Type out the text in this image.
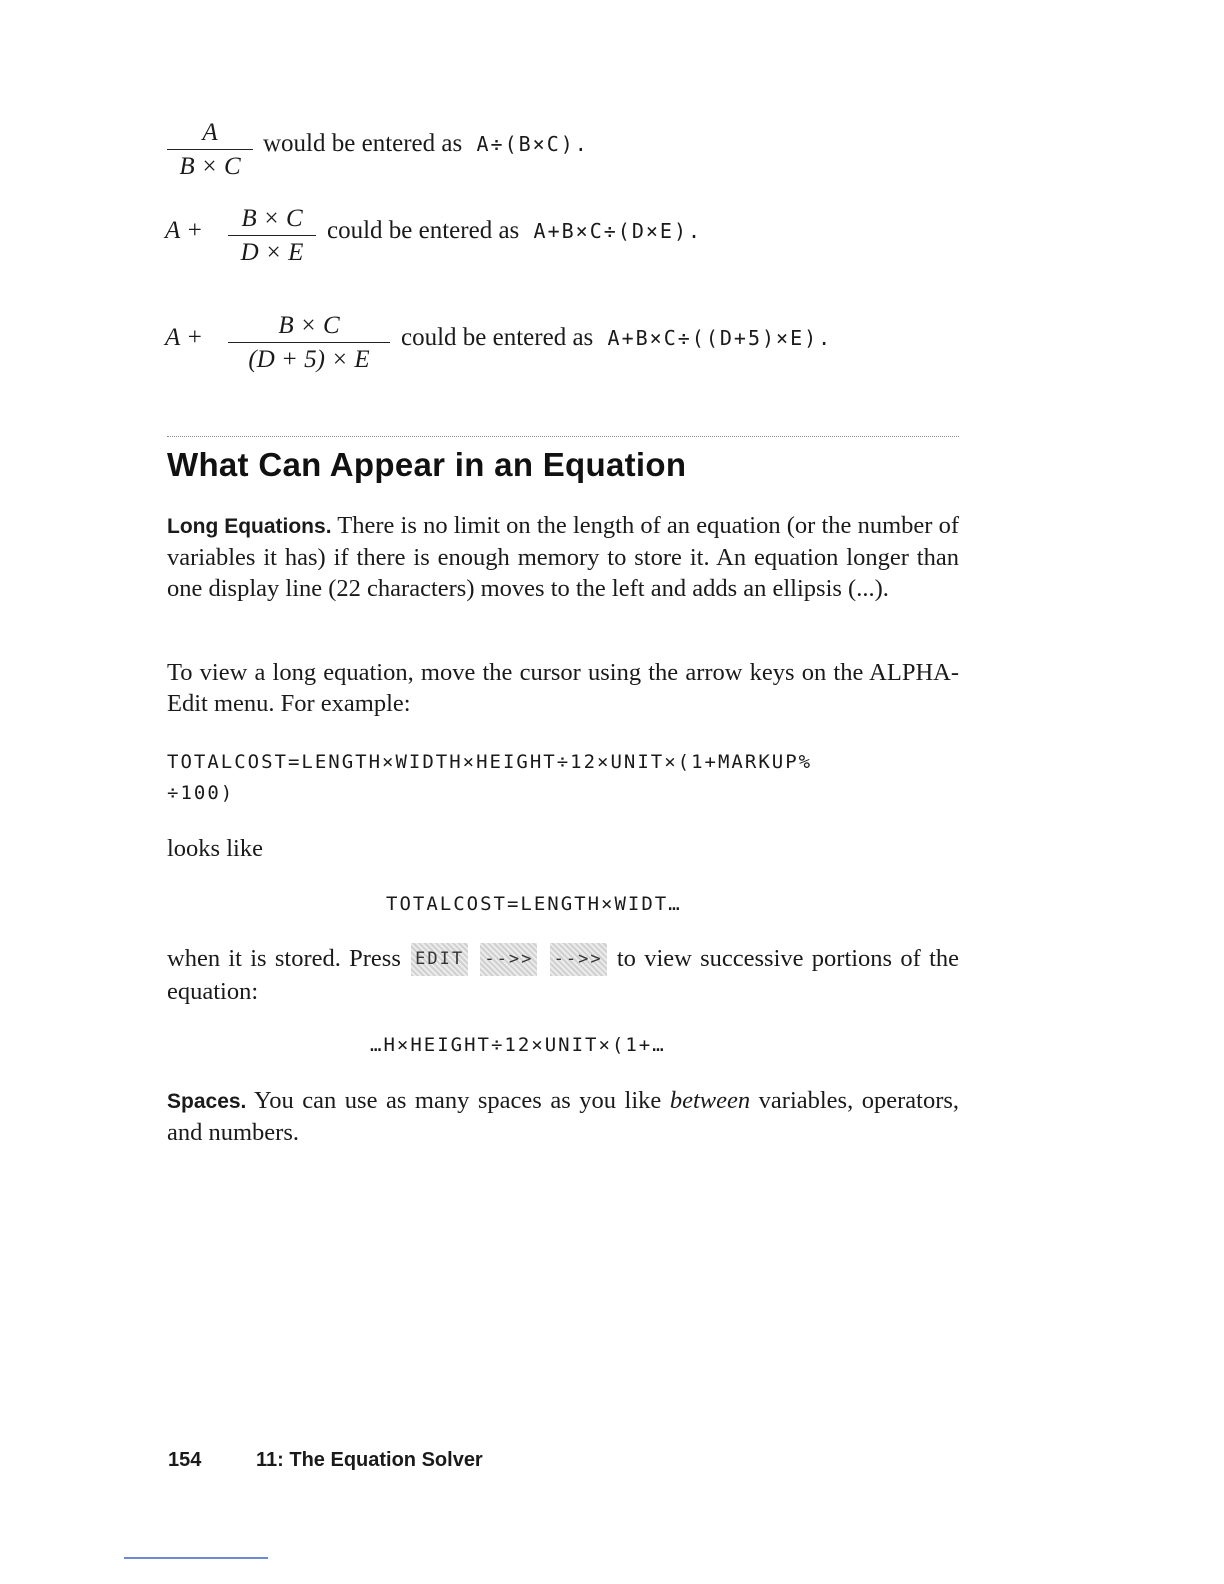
A
B × C
would be entered as A÷(B×C).
A +	B × C
D × E
could be entered as A+B×C÷(D×E).
A +	B × C
(D + 5) × E
could be entered as A+B×C÷((D+5)×E).
What Can Appear in an Equation
Long Equations. There is no limit on the length of an equation (or the number of variables it has) if there is enough memory to store it. An equation longer than one display line (22 characters) moves to the left and adds an ellipsis (...).
To view a long equation, move the cursor using the arrow keys on the ALPHA-Edit menu. For example:
TOTALCOST=LENGTH×WIDTH×HEIGHT÷12×UNIT×(1+MARKUP%
÷100)
looks like
TOTALCOST=LENGTH×WIDT…
when it is stored. Press EDIT -->> -->> to view successive portions of the equation:
…H×HEIGHT÷12×UNIT×(1+…
Spaces. You can use as many spaces as you like between variables, operators, and numbers.
154	11: The Equation Solver
